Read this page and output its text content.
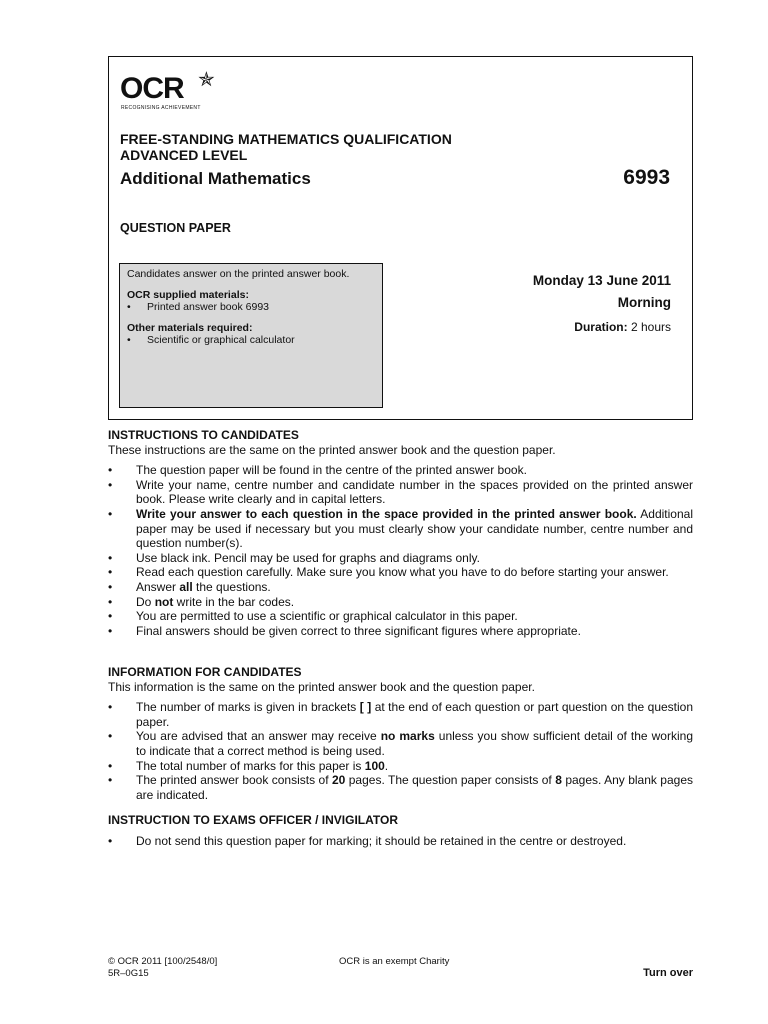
OCR ✯
RECOGNISING ACHIEVEMENT
FREE-STANDING MATHEMATICS QUALIFICATION
ADVANCED LEVEL
Additional Mathematics	6993
QUESTION PAPER
Candidates answer on the printed answer book.
OCR supplied materials:
•	Printed answer book 6993
Other materials required:
•	Scientific or graphical calculator
Monday 13 June 2011
Morning
Duration: 2 hours
INSTRUCTIONS TO CANDIDATES
These instructions are the same on the printed answer book and the question paper.
•	The question paper will be found in the centre of the printed answer book.
•	Write your name, centre number and candidate number in the spaces provided on the printed answer book. Please write clearly and in capital letters.
•	Write your answer to each question in the space provided in the printed answer book. Additional paper may be used if necessary but you must clearly show your candidate number, centre number and question number(s).
•	Use black ink. Pencil may be used for graphs and diagrams only.
•	Read each question carefully. Make sure you know what you have to do before starting your answer.
•	Answer all the questions.
•	Do not write in the bar codes.
•	You are permitted to use a scientific or graphical calculator in this paper.
•	Final answers should be given correct to three significant figures where appropriate.
INFORMATION FOR CANDIDATES
This information is the same on the printed answer book and the question paper.
•	The number of marks is given in brackets [ ] at the end of each question or part question on the question paper.
•	You are advised that an answer may receive no marks unless you show sufficient detail of the working to indicate that a correct method is being used.
•	The total number of marks for this paper is 100.
•	The printed answer book consists of 20 pages. The question paper consists of 8 pages. Any blank pages are indicated.
INSTRUCTION TO EXAMS OFFICER / INVIGILATOR
•	Do not send this question paper for marking; it should be retained in the centre or destroyed.
© OCR 2011 [100/2548/0]
5R–0G15
OCR is an exempt Charity
Turn over
